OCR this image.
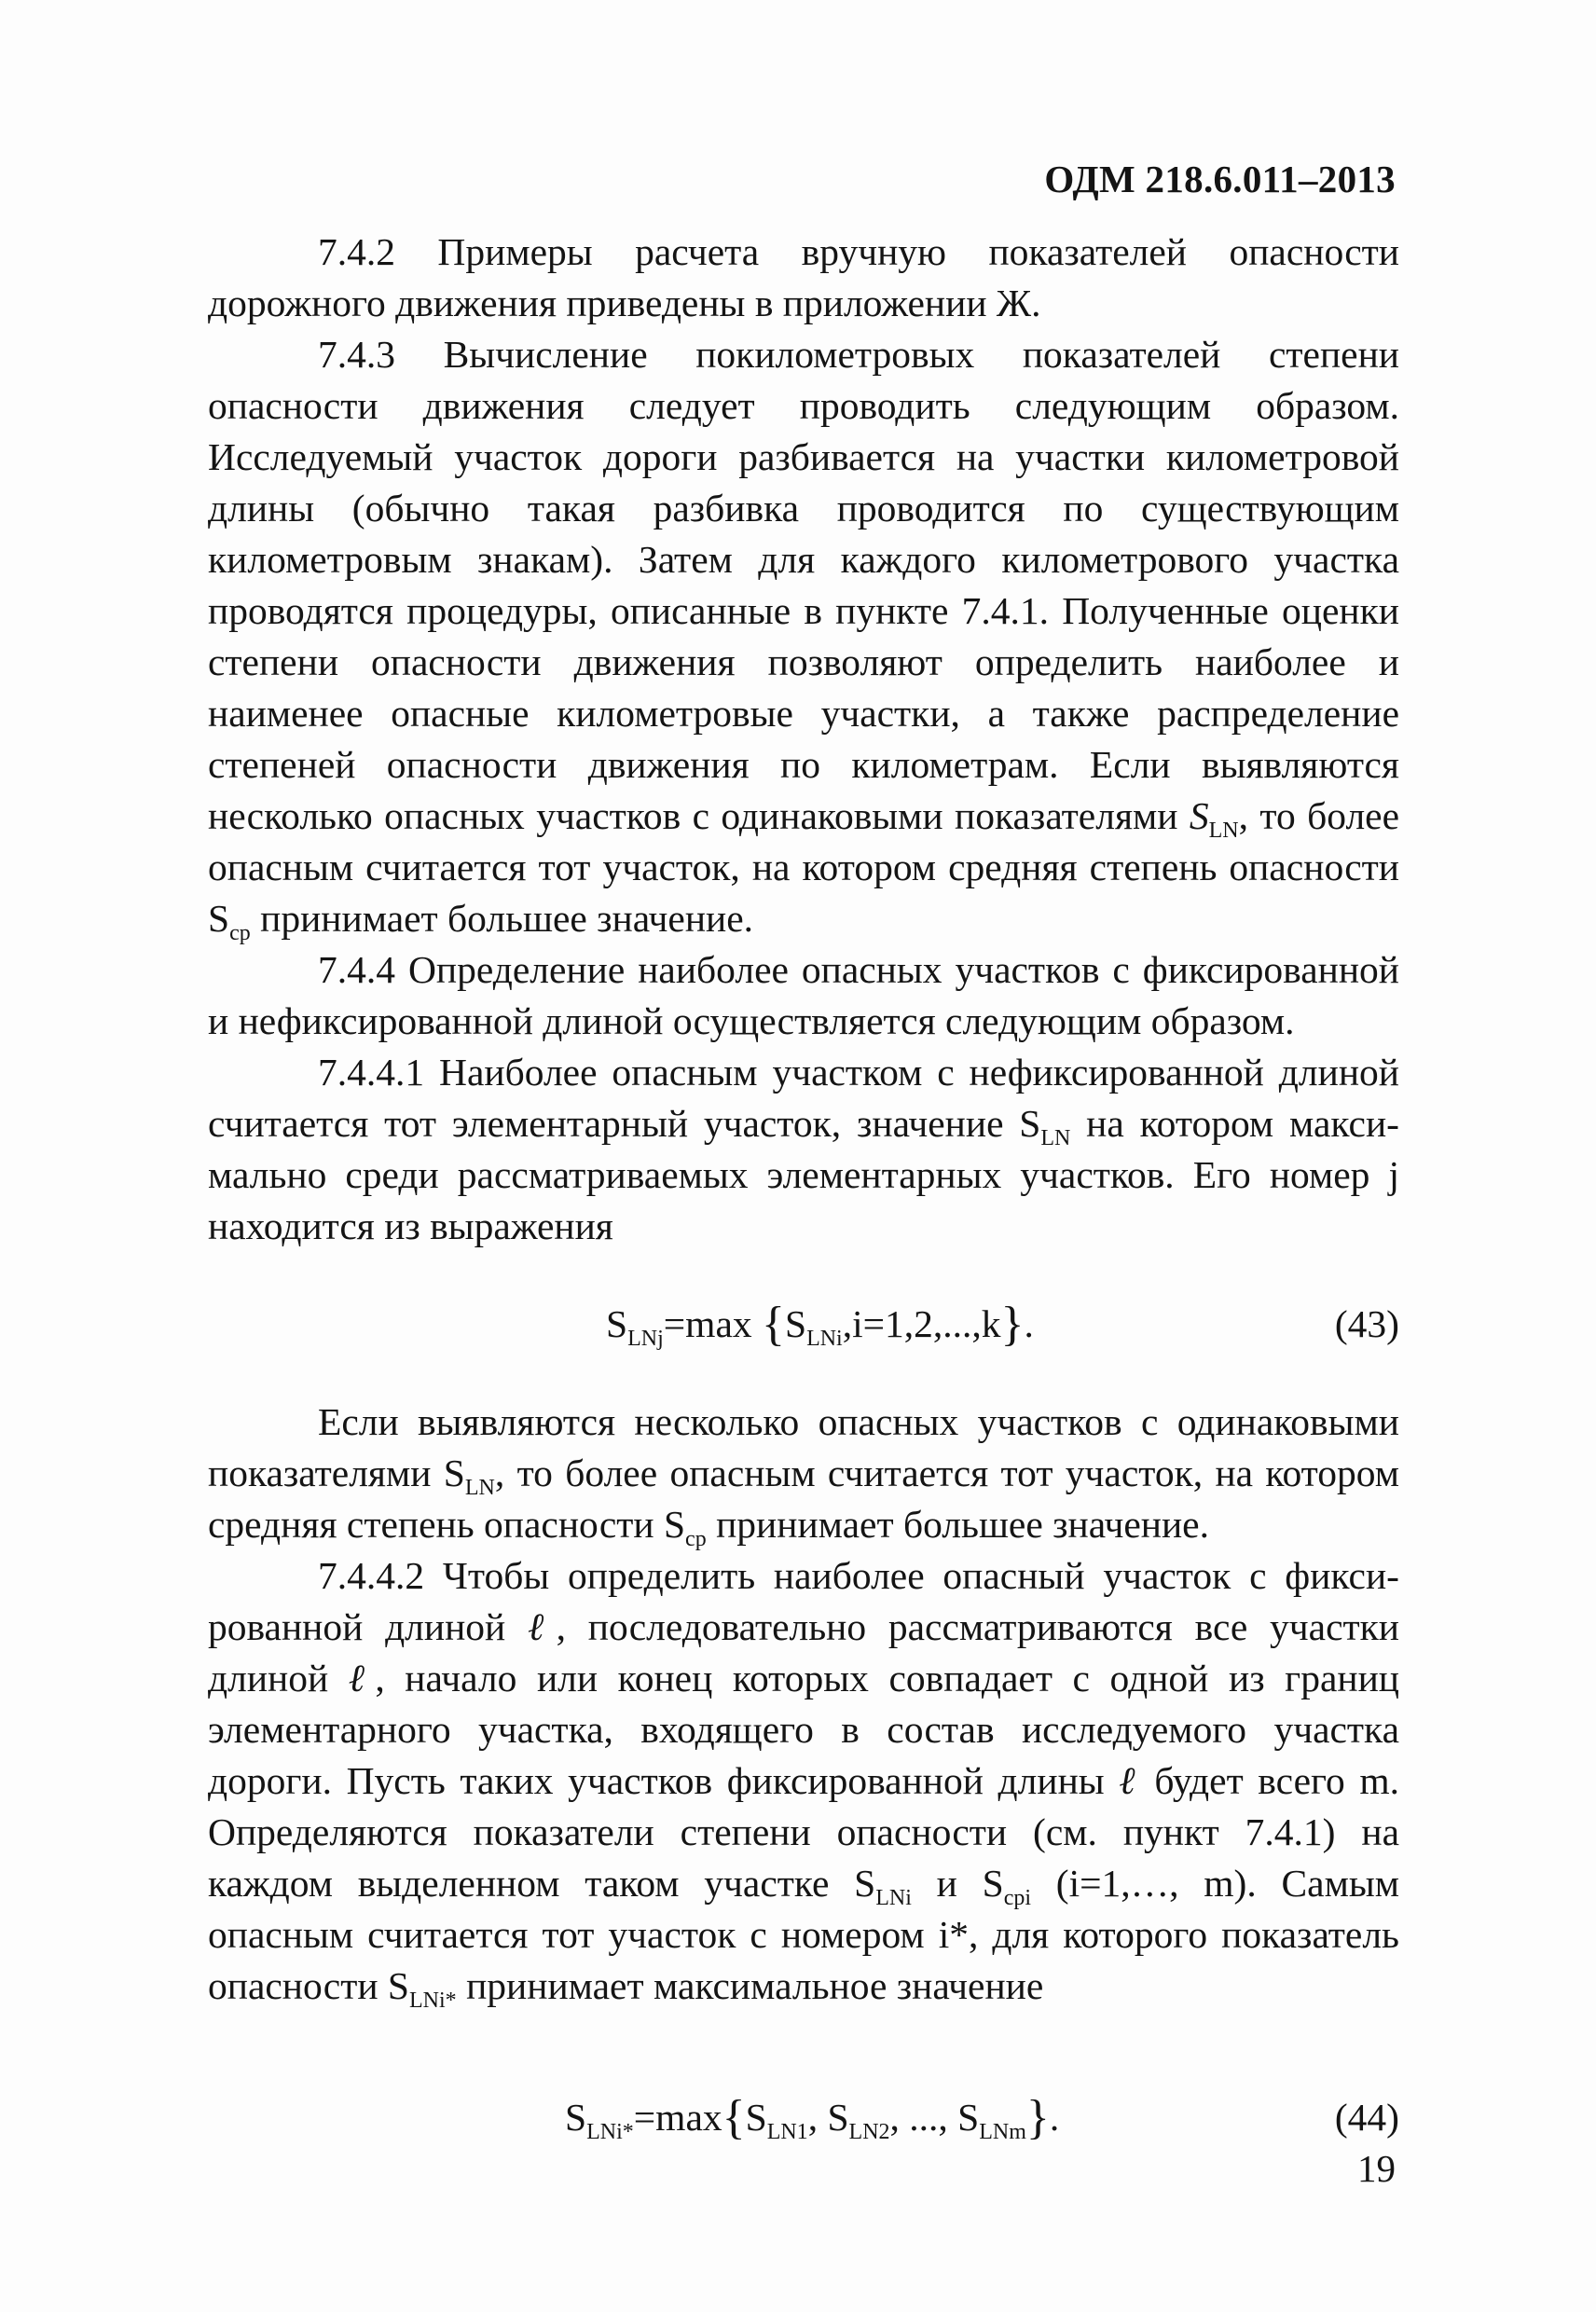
ОДМ 218.6.011–2013

7.4.2 Примеры расчета вручную показателей опасности дорожного движения приведены в приложении Ж.

7.4.3 Вычисление покилометровых показателей степени опасности движения следует проводить следующим образом. Исследуемый участок дороги разбивается на участки километровой длины (обычно такая разбивка проводится по существующим километровым знакам). Затем для каждого километрового участка проводятся процедуры, описанные в пункте 7.4.1. Полученные оценки степени опасности движения позволяют определить наиболее и наименее опасные километровые участки, а также распределение степеней опасности движения по километрам. Если выявляются несколько опасных участков с одинаковыми показателями $S_{LN}$, то более опасным считается тот участок, на котором средняя степень опасности $S_{ср}$ принимает большее значение.

7.4.4 Определение наиболее опасных участков с фиксированной и нефиксированной длиной осуществляется следующим образом.

7.4.4.1 Наиболее опасным участком с нефиксированной длиной считается тот элементарный участок, значение $S_{LN}$ на котором максимально среди рассматриваемых элементарных участков. Его номер j находится из выражения

$S_{LNj}=\max$ $\{S_{LNi},i=1,2,...,k\}$.	(43)

Если выявляются несколько опасных участков с одинаковыми показателями $S_{LN}$, то более опасным считается тот участок, на котором средняя степень опасности $S_{ср}$ принимает большее значение.

7.4.4.2 Чтобы определить наиболее опасный участок с фиксированной длиной ℓ, последовательно рассматриваются все участки длиной ℓ, начало или конец которых совпадает с одной из границ элементарного участка, входящего в состав исследуемого участка дороги. Пусть таких участков фиксированной длины ℓ будет всего m. Определяются показатели степени опасности (см. пункт 7.4.1) на каждом выделенном таком участке $S_{LNi}$ и $S_{cpi}$ (i=1,…, m). Самым опасным считается тот участок с номером i*, для которого показатель опасности $S_{LNi*}$ принимает максимальное значение

$S_{LNi*}=\max\{S_{LN1}$, $S_{LN2}$, ..., $S_{LNm}$}.	(44)
19
